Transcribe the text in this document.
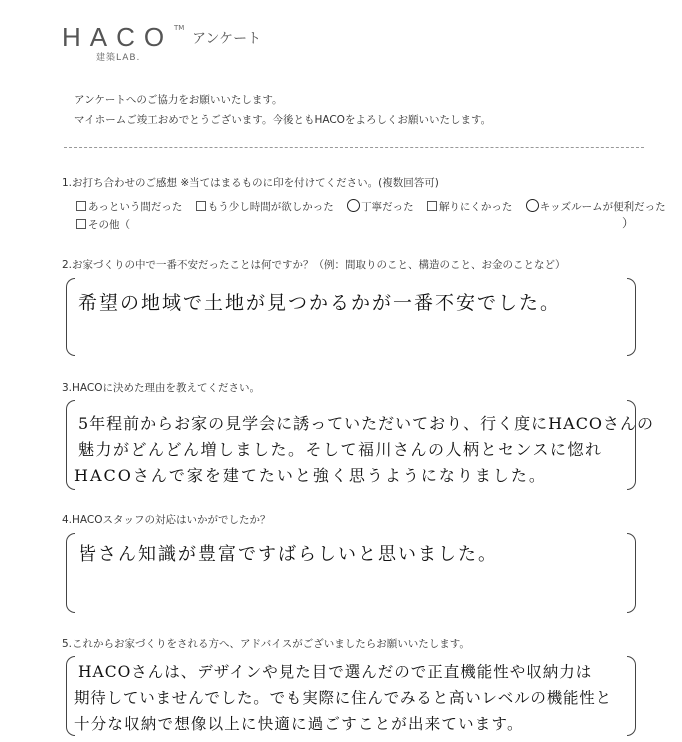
HACO TM
アンケート
建築LAB.
アンケートへのご協力をお願いいたします。
マイホームご竣工おめでとうございます。今後ともHACOをよろしくお願いいたします。
1.お打ち合わせのご感想 ※当てはまるものに印を付けてください。(複数回答可)
あっという間だった もう少し時間が欲しかった	丁寧だった 解りにくかった	キッズルームが便利だった
その他（	）
2.お家づくりの中で一番不安だったことは何ですか？（例：間取りのこと、構造のこと、お金のことなど）
希望の地域で土地が見つかるかが一番不安でした。
3.HACOに決めた理由を教えてください。
5年程前からお家の見学会に誘っていただいており、行く度にHACOさんの
魅力がどんどん増しました。そして福川さんの人柄とセンスに惚れ
HACOさんで家を建てたいと強く思うようになりました。
4.HACOスタッフの対応はいかがでしたか？
皆さん知識が豊富ですばらしいと思いました。
5.これからお家づくりをされる方へ、アドバイスがございましたらお願いいたします。
HACOさんは、デザインや見た目で選んだので正直機能性や収納力は
期待していませんでした。でも実際に住んでみると高いレベルの機能性と
十分な収納で想像以上に快適に過ごすことが出来ています。
